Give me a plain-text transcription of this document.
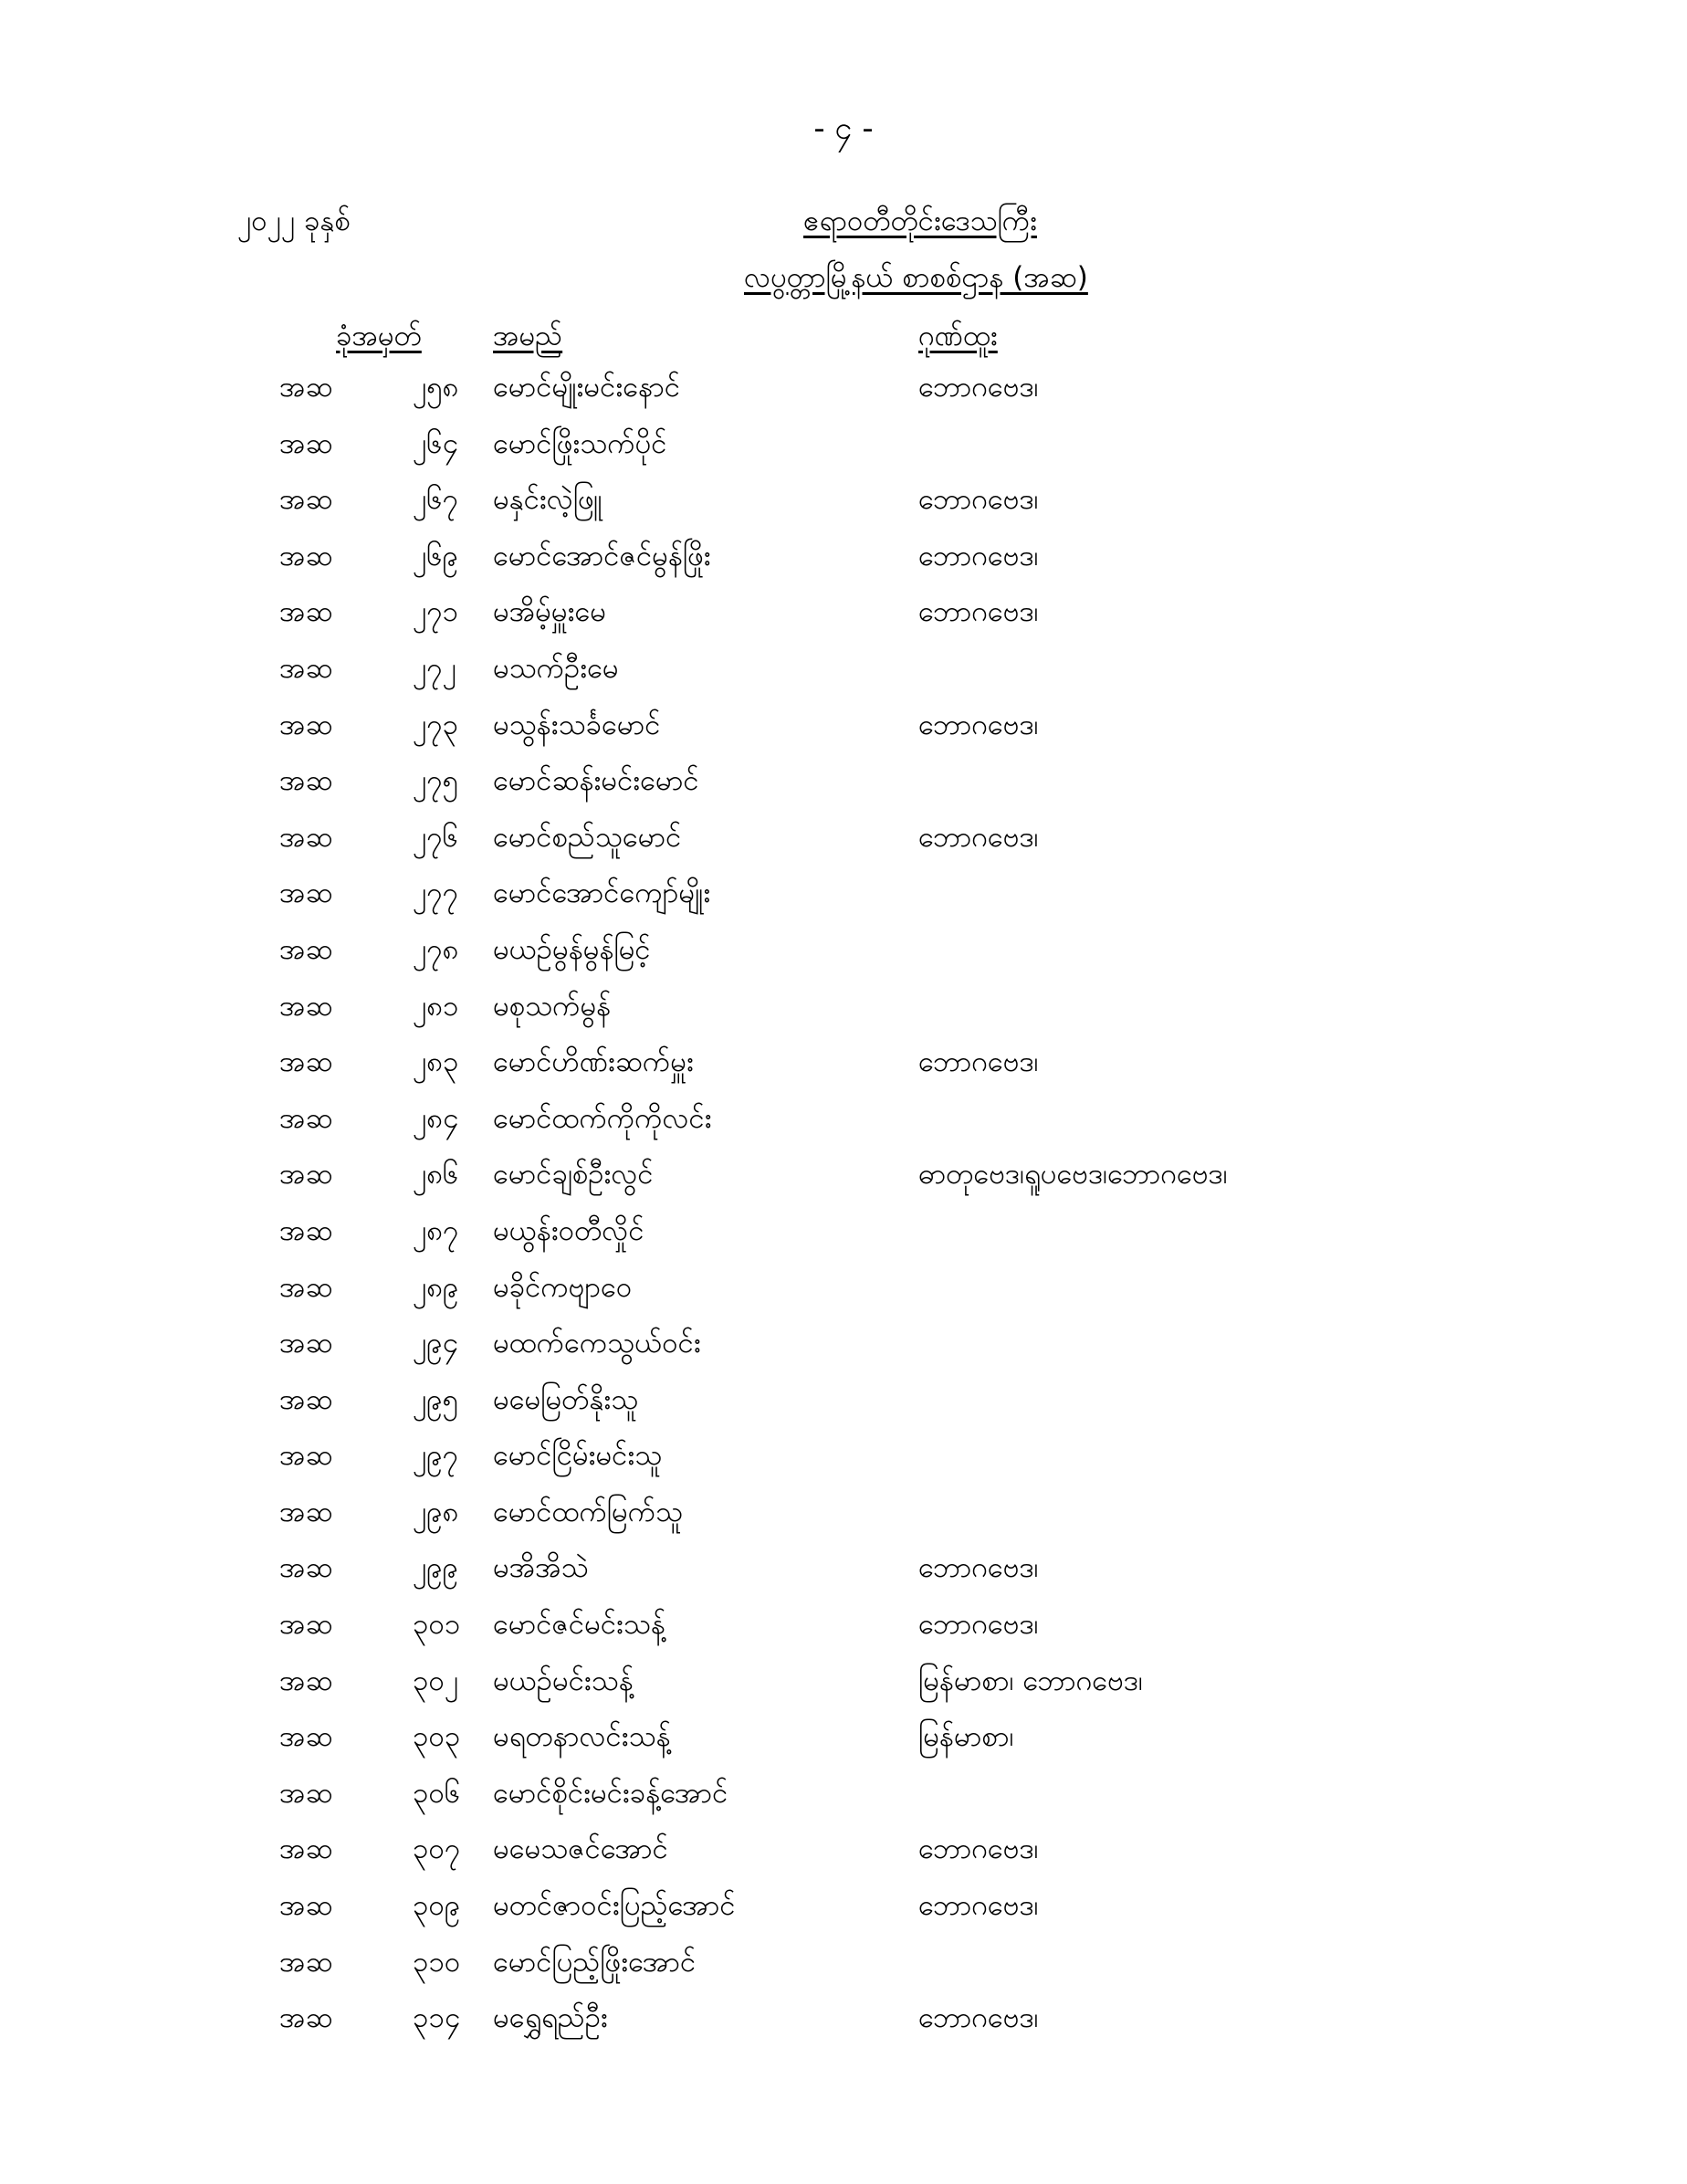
- ၄ -
၂၀၂၂ ခုနှစ်	ဧရာဝတီတိုင်းဒေသကြီး
လပွတ္တာမြို့နယ် စာစစ်ဌာန (အဆ)
ခုံအမှတ်	အမည်	ဂုဏ်ထူး
အဆ	၂၅၈ မောင်မျိုးမင်းနောင်	ဘောဂဗေဒ၊
အဆ	၂၆၄ မောင်ဖြိုးသက်ပိုင်
အဆ	၂၆၇ မနှင်းလဲ့ဖြူ	ဘောဂဗေဒ၊
အဆ	၂၆၉ မောင်အောင်ဇင်မွန်ဖြိုး	ဘောဂဗေဒ၊
အဆ	၂၇၁ မအိမ့်မှူးမေ	ဘောဂဗေဒ၊
အဆ	၂၇၂ မသက်ဦးမေ
အဆ	၂၇၃ မသွန်းသင်္ခမောင်	ဘောဂဗေဒ၊
အဆ	၂၇၅ မောင်ဆန်းမင်းမောင်
အဆ	၂၇၆ မောင်စည်သူမောင်	ဘောဂဗေဒ၊
အဆ	၂၇၇ မောင်အောင်ကျော်မျိုး
အဆ	၂၇၈ မယဉ်မွန်မွန်မြင့်
အဆ	၂၈၁ မစုသက်မွန်
အဆ	၂၈၃ မောင်ဟိဏ်းဆက်မှူး	ဘောဂဗေဒ၊
အဆ	၂၈၄ မောင်ထက်ကိုကိုလင်း
အဆ	၂၈၆ မောင်ချစ်ဦးလွင်	ဓာတုဗေဒ၊ရူပဗေဒ၊ဘောဂဗေဒ၊
အဆ	၂၈၇ မယွန်းဝတီလှိုင်
အဆ	၂၈၉ မခိုင်ကဗျာဝေ
အဆ	၂၉၄ မထက်ကေသွယ်ဝင်း
အဆ	၂၉၅ မမေမြတ်နိုးသူ
အဆ	၂၉၇ မောင်ငြိမ်းမင်းသူ
အဆ	၂၉၈ မောင်ထက်မြက်သူ
အဆ	၂၉၉ မအိအိသဲ	ဘောဂဗေဒ၊
အဆ	၃၀၁ မောင်ဇင်မင်းသန့်	ဘောဂဗေဒ၊
အဆ	၃၀၂ မယဉ်မင်းသန့်	မြန်မာစာ၊ ဘောဂဗေဒ၊
အဆ	၃၀၃ မရတနာလင်းသန့်	မြန်မာစာ၊
အဆ	၃၀၆ မောင်စိုင်းမင်းခန့်အောင်
အဆ	၃၀၇ မမေသဇင်အောင်	ဘောဂဗေဒ၊
အဆ	၃၀၉ မတင်ဇာဝင်းပြည့်အောင်	ဘောဂဗေဒ၊
အဆ	၃၁၀ မောင်ပြည့်ဖြိုးအောင်
အဆ	၃၁၄ မရွှေရည်ဦး	ဘောဂဗေဒ၊
